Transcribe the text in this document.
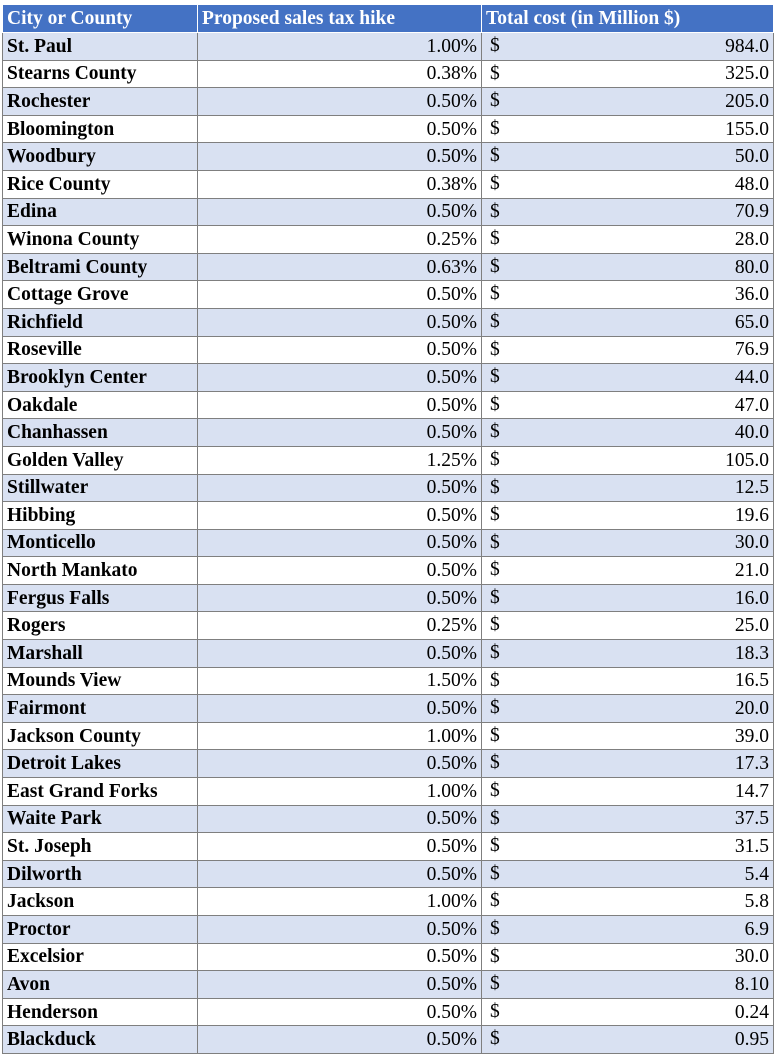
City or County	Proposed sales tax hike	Total cost (in Million $)
St. Paul	1.00%	$ 984.0
Stearns County	0.38%	$ 325.0
Rochester	0.50%	$ 205.0
Bloomington	0.50%	$ 155.0
Woodbury	0.50%	$ 50.0
Rice County	0.38%	$ 48.0
Edina	0.50%	$ 70.9
Winona County	0.25%	$ 28.0
Beltrami County	0.63%	$ 80.0
Cottage Grove	0.50%	$ 36.0
Richfield	0.50%	$ 65.0
Roseville	0.50%	$ 76.9
Brooklyn Center	0.50%	$ 44.0
Oakdale	0.50%	$ 47.0
Chanhassen	0.50%	$ 40.0
Golden Valley	1.25%	$ 105.0
Stillwater	0.50%	$ 12.5
Hibbing	0.50%	$ 19.6
Monticello	0.50%	$ 30.0
North Mankato	0.50%	$ 21.0
Fergus Falls	0.50%	$ 16.0
Rogers	0.25%	$ 25.0
Marshall	0.50%	$ 18.3
Mounds View	1.50%	$ 16.5
Fairmont	0.50%	$ 20.0
Jackson County	1.00%	$ 39.0
Detroit Lakes	0.50%	$ 17.3
East Grand Forks	1.00%	$ 14.7
Waite Park	0.50%	$ 37.5
St. Joseph	0.50%	$ 31.5
Dilworth	0.50%	$ 5.4
Jackson	1.00%	$ 5.8
Proctor	0.50%	$ 6.9
Excelsior	0.50%	$ 30.0
Avon	0.50%	$ 8.10
Henderson	0.50%	$ 0.24
Blackduck	0.50%	$ 0.95
